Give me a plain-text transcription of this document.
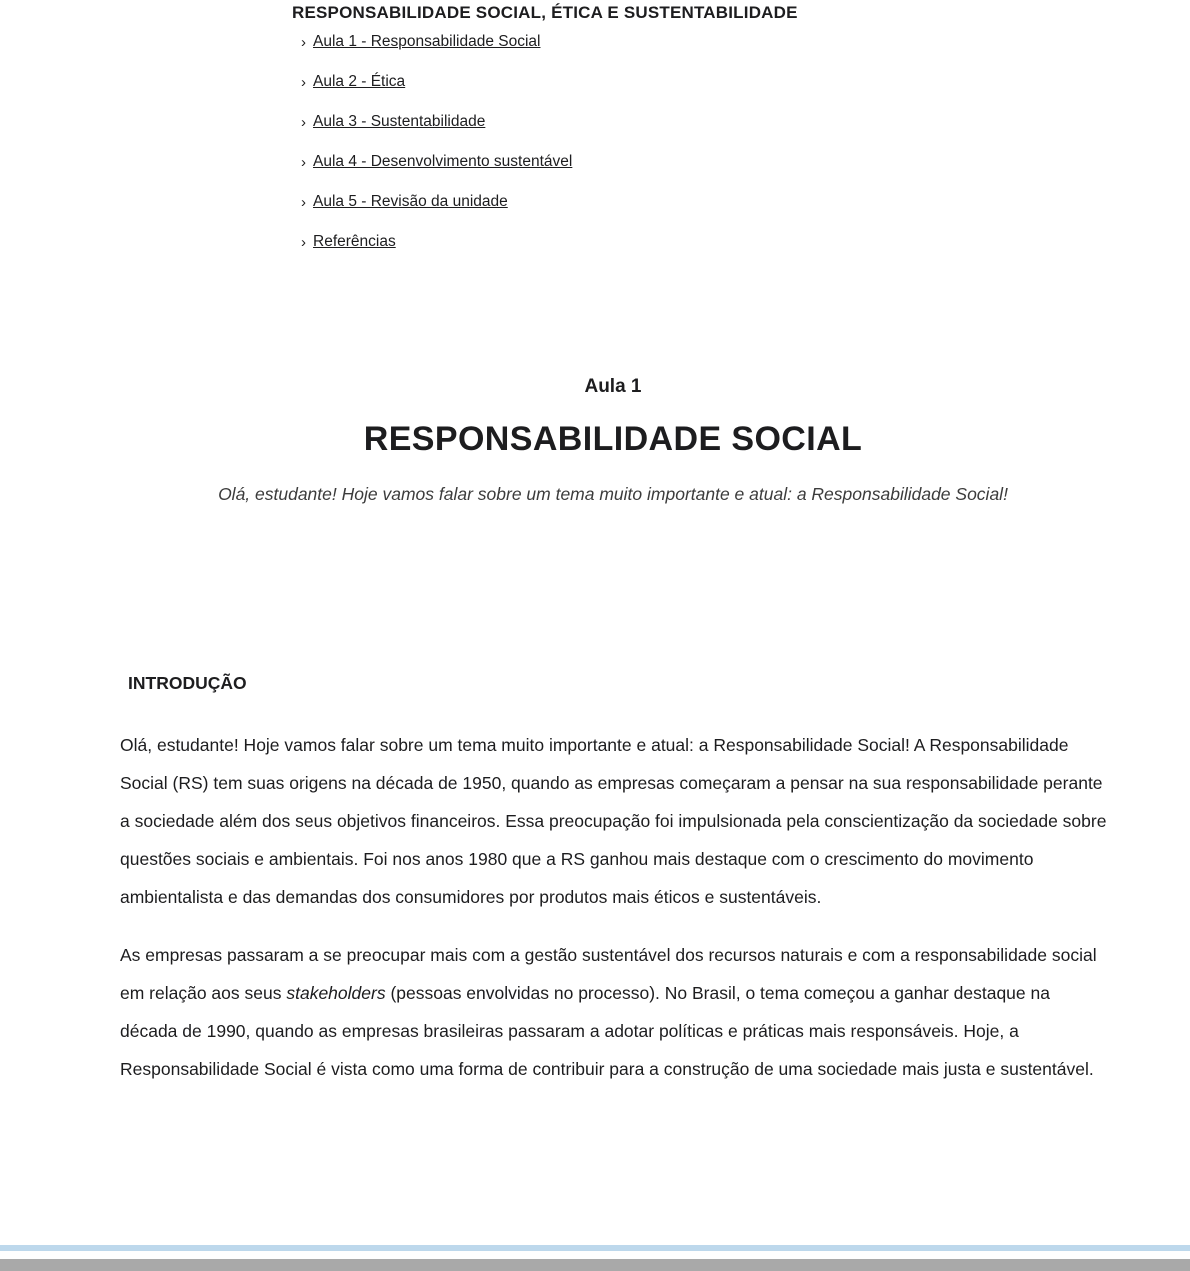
RESPONSABILIDADE SOCIAL, ÉTICA E SUSTENTABILIDADE
› Aula 1 - Responsabilidade Social
› Aula 2 - Ética
› Aula 3 - Sustentabilidade
› Aula 4 - Desenvolvimento sustentável
› Aula 5 - Revisão da unidade
› Referências
Aula 1
RESPONSABILIDADE SOCIAL

Olá, estudante! Hoje vamos falar sobre um tema muito importante e atual: a Responsabilidade Social!

INTRODUÇÃO

Olá, estudante! Hoje vamos falar sobre um tema muito importante e atual: a Responsabilidade Social! A Responsabilidade Social (RS) tem suas origens na década de 1950, quando as empresas começaram a pensar na sua responsabilidade perante a sociedade além dos seus objetivos financeiros. Essa preocupação foi impulsionada pela conscientização da sociedade sobre questões sociais e ambientais. Foi nos anos 1980 que a RS ganhou mais destaque com o crescimento do movimento ambientalista e das demandas dos consumidores por produtos mais éticos e sustentáveis.

As empresas passaram a se preocupar mais com a gestão sustentável dos recursos naturais e com a responsabilidade social em relação aos seus stakeholders (pessoas envolvidas no processo). No Brasil, o tema começou a ganhar destaque na década de 1990, quando as empresas brasileiras passaram a adotar políticas e práticas mais responsáveis. Hoje, a Responsabilidade Social é vista como uma forma de contribuir para a construção de uma sociedade mais justa e sustentável.
